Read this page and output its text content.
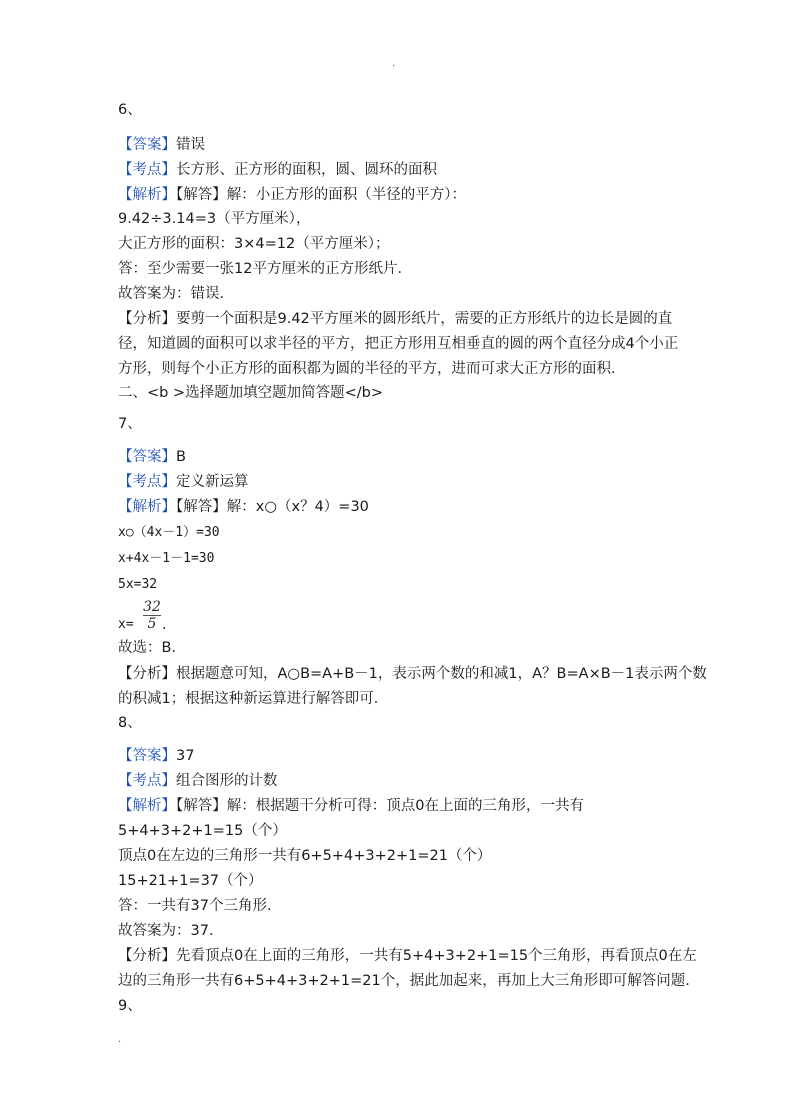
.
6、
【答案】错误
【考点】长方形、正方形的面积，圆、圆环的面积
【解析】【解答】解：小正方形的面积（半径的平方）：
9.42÷3.14=3（平方厘米），
大正方形的面积：3×4=12（平方厘米）；
答：至少需要一张12平方厘米的正方形纸片．
故答案为：错误．
【分析】要剪一个面积是9.42平方厘米的圆形纸片，需要的正方形纸片的边长是圆的直
径，知道圆的面积可以求半径的平方，把正方形用互相垂直的圆的两个直径分成4个小正
方形，则每个小正方形的面积都为圆的半径的平方，进而可求大正方形的面积．
二、<b >选择题加填空题加简答题</b>
7、
【答案】B
【考点】定义新运算
【解析】【解答】解：x○（x？4）=30
x○（4x－1）=30
x+4x－1－1=30
5x=32
$x= \frac{32}{5}$ ．
故选：B．
【分析】根据题意可知，A○B=A+B－1，表示两个数的和减1，A？B=A×B－1表示两个数
的积减1；根据这种新运算进行解答即可．
8、
【答案】37
【考点】组合图形的计数
【解析】【解答】解：根据题干分析可得：顶点0在上面的三角形，一共有
5+4+3+2+1=15（个）
顶点0在左边的三角形一共有6+5+4+3+2+1=21（个）
15+21+1=37（个）
答：一共有37个三角形．
故答案为：37．
【分析】先看顶点0在上面的三角形，一共有5+4+3+2+1=15个三角形，再看顶点0在左
边的三角形一共有6+5+4+3+2+1=21个，据此加起来，再加上大三角形即可解答问题．
9、
.
